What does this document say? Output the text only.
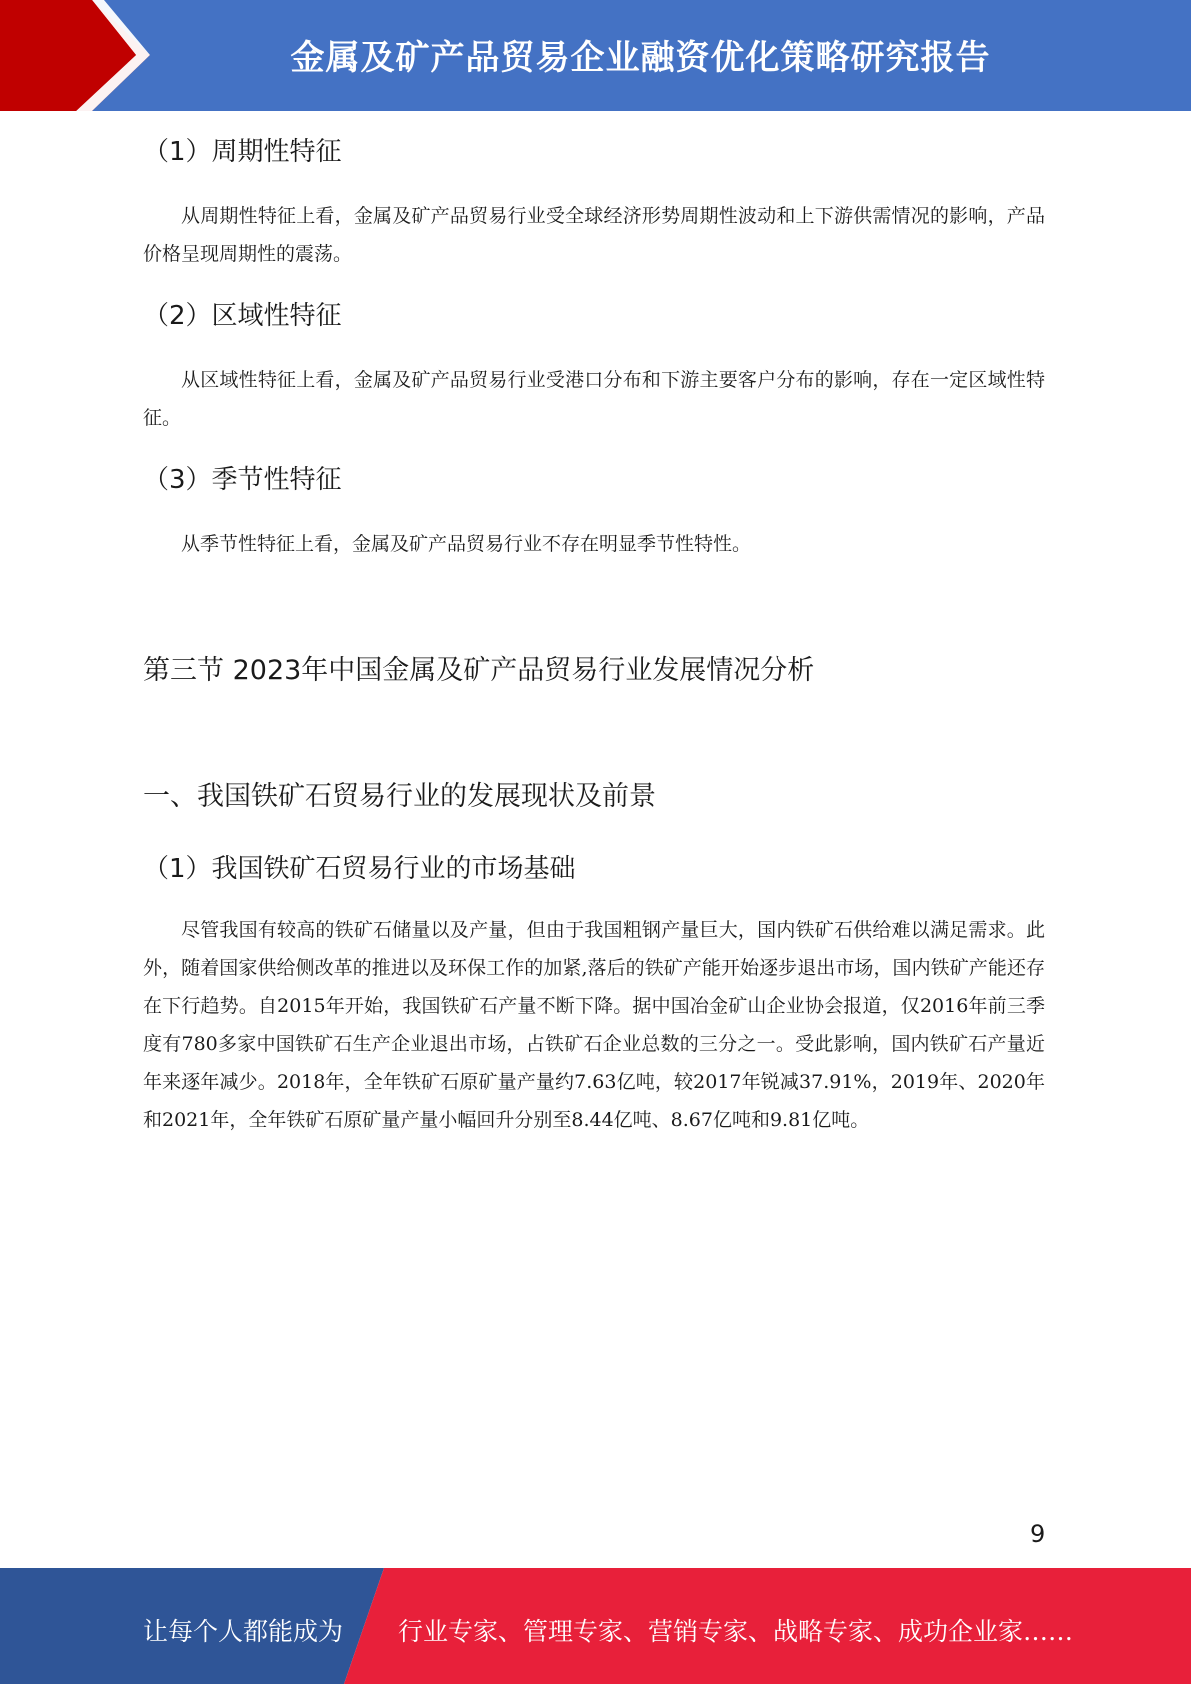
金属及矿产品贸易企业融资优化策略研究报告
（1）周期性特征

从周期性特征上看，金属及矿产品贸易行业受全球经济形势周期性波动和上下游供需情况的影响，产品价格呈现周期性的震荡。

（2）区域性特征

从区域性特征上看，金属及矿产品贸易行业受港口分布和下游主要客户分布的影响，存在一定区域性特征。

（3）季节性特征

从季节性特征上看，金属及矿产品贸易行业不存在明显季节性特性。

第三节 2023年中国金属及矿产品贸易行业发展情况分析
一、我国铁矿石贸易行业的发展现状及前景
（1）我国铁矿石贸易行业的市场基础

尽管我国有较高的铁矿石储量以及产量，但由于我国粗钢产量巨大，国内铁矿石供给难以满足需求。此外，随着国家供给侧改革的推进以及环保工作的加紧,落后的铁矿产能开始逐步退出市场，国内铁矿产能还存在下行趋势。自2015年开始，我国铁矿石产量不断下降。据中国冶金矿山企业协会报道，仅2016年前三季度有780多家中国铁矿石生产企业退出市场，占铁矿石企业总数的三分之一。受此影响，国内铁矿石产量近年来逐年减少。2018年，全年铁矿石原矿量产量约7.63亿吨，较2017年锐减37.91%，2019年、2020年和2021年，全年铁矿石原矿量产量小幅回升分别至8.44亿吨、8.67亿吨和9.81亿吨。

9
让每个人都能成为 行业专家、管理专家、营销专家、战略专家、成功企业家……
